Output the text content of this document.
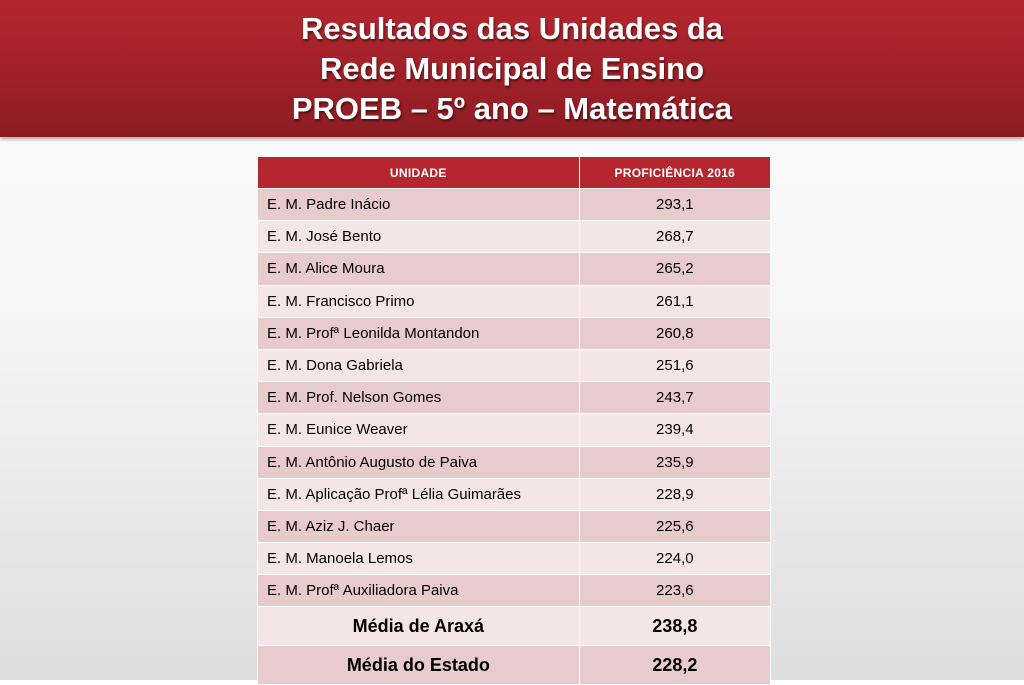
Resultados das Unidades da
Rede Municipal de Ensino
PROEB – 5º ano – Matemática
UNIDADE	PROFICIÊNCIA 2016
E. M. Padre Inácio	293,1
E. M. José Bento	268,7
E. M. Alice Moura	265,2
E. M. Francisco Primo	261,1
E. M. Profª Leonilda Montandon	260,8
E. M. Dona Gabriela	251,6
E. M. Prof. Nelson Gomes	243,7
E. M. Eunice Weaver	239,4
E. M. Antônio Augusto de Paiva	235,9
E. M. Aplicação Profª Lélia Guimarães	228,9
E. M. Aziz J. Chaer	225,6
E. M. Manoela Lemos	224,0
E. M. Profª Auxiliadora Paiva	223,6
Média de Araxá	238,8
Média do Estado	228,2
